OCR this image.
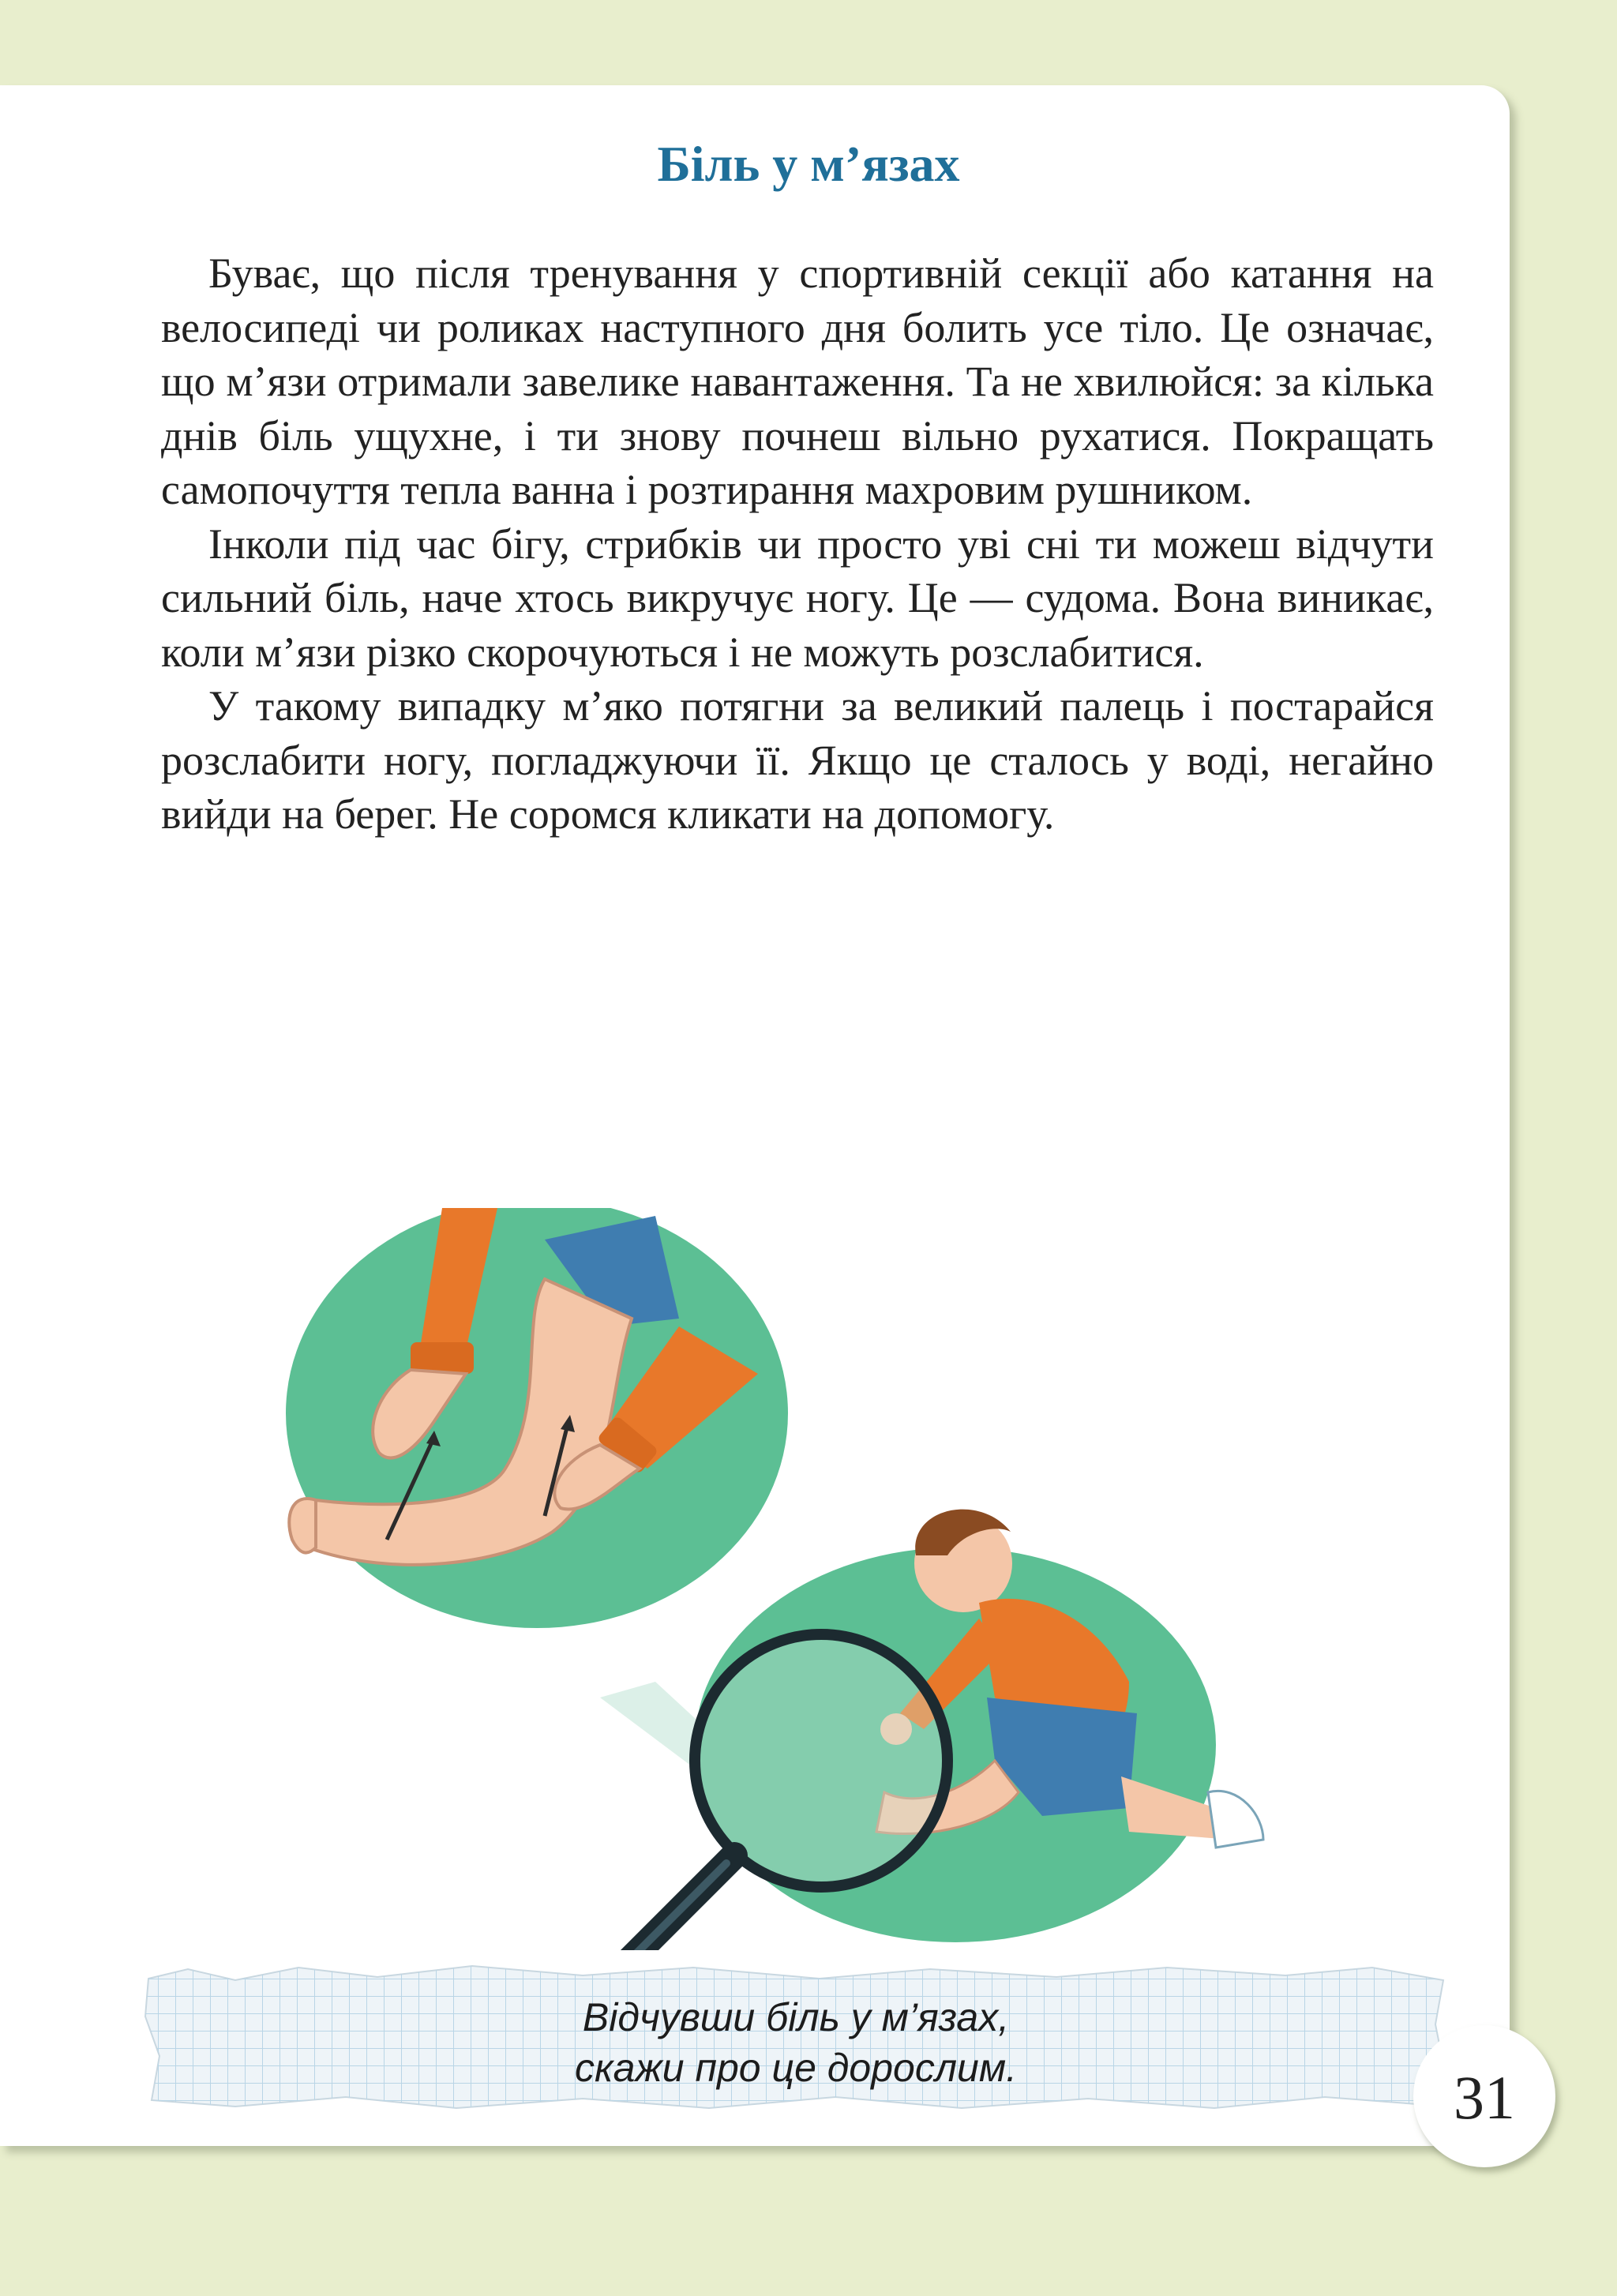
Біль у м’язах

Буває, що після тренування у спортивній секції або катання на велосипеді чи роликах наступного дня болить усе тіло. Це означає, що м’язи отримали завелике навантаження. Та не хвилюйся: за кілька днів біль ущухне, і ти знову почнеш вільно рухатися. Покращать самопочуття тепла ванна і розтирання махровим рушником.

Інколи під час бігу, стрибків чи просто уві сні ти можеш відчути сильний біль, наче хтось викручує ногу. Це — судома. Вона виникає, коли м’язи різко скорочуються і не можуть розслабитися.

У такому випадку м’яко потягни за великий палець і постарайся розслабити ногу, погладжуючи її. Якщо це сталось у воді, негайно вийди на берег. Не соромся кликати на допомогу.

Відчувши біль у м’язах,
скажи про це дорослим.	31
